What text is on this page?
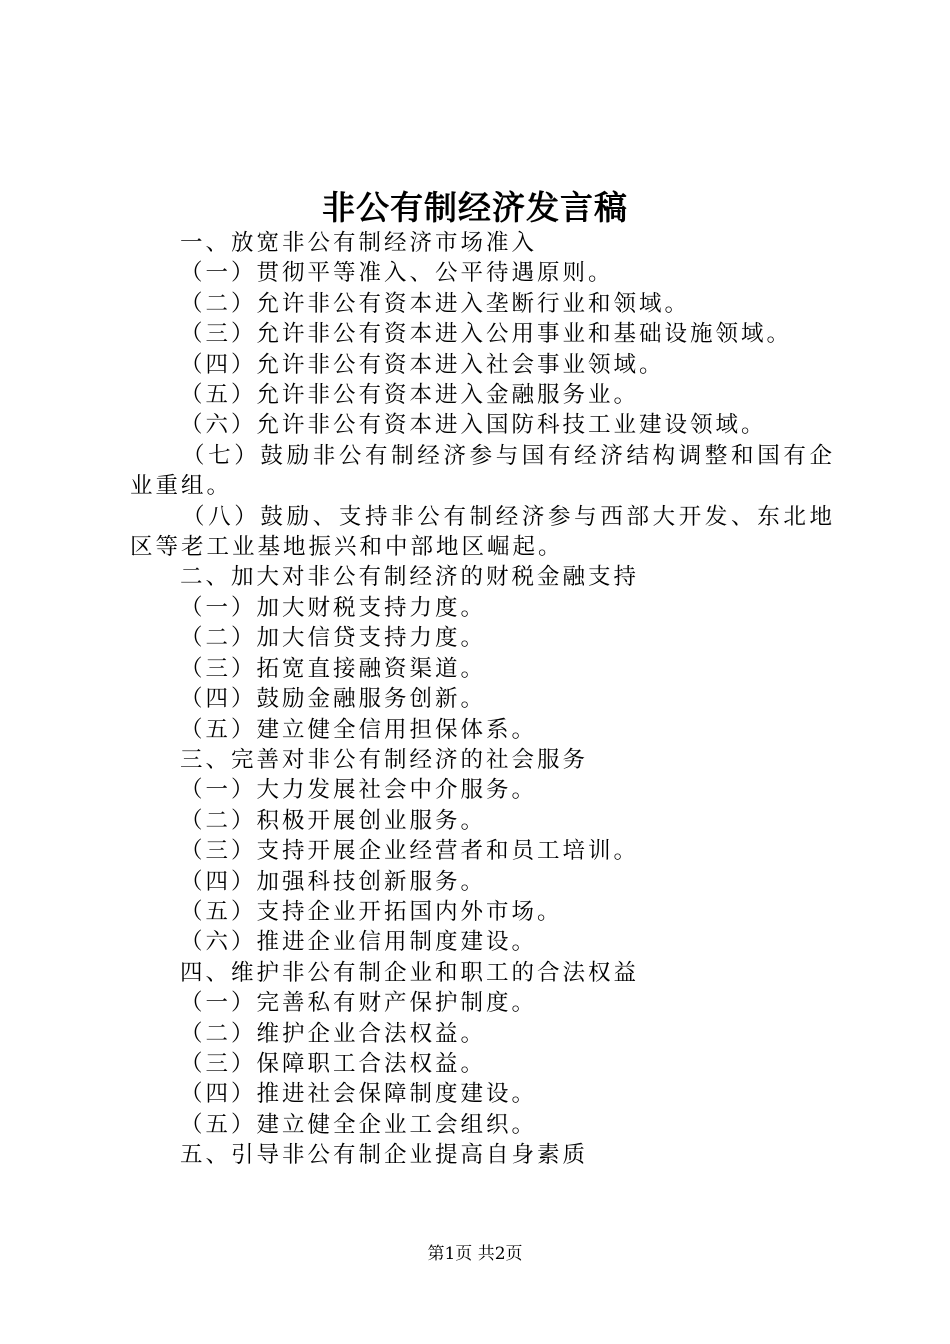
非公有制经济发言稿

一、放宽非公有制经济市场准入

（一）贯彻平等准入、公平待遇原则。

（二）允许非公有资本进入垄断行业和领域。

（三）允许非公有资本进入公用事业和基础设施领域。

（四）允许非公有资本进入社会事业领域。

（五）允许非公有资本进入金融服务业。

（六）允许非公有资本进入国防科技工业建设领域。

（七）鼓励非公有制经济参与国有经济结构调整和国有企业重组。

（八）鼓励、支持非公有制经济参与西部大开发、东北地区等老工业基地振兴和中部地区崛起。

二、加大对非公有制经济的财税金融支持

（一）加大财税支持力度。

（二）加大信贷支持力度。

（三）拓宽直接融资渠道。

（四）鼓励金融服务创新。

（五）建立健全信用担保体系。

三、完善对非公有制经济的社会服务

（一）大力发展社会中介服务。

（二）积极开展创业服务。

（三）支持开展企业经营者和员工培训。

（四）加强科技创新服务。

（五）支持企业开拓国内外市场。

（六）推进企业信用制度建设。

四、维护非公有制企业和职工的合法权益

（一）完善私有财产保护制度。

（二）维护企业合法权益。

（三）保障职工合法权益。

（四）推进社会保障制度建设。

（五）建立健全企业工会组织。

五、引导非公有制企业提高自身素质

第1页 共2页
